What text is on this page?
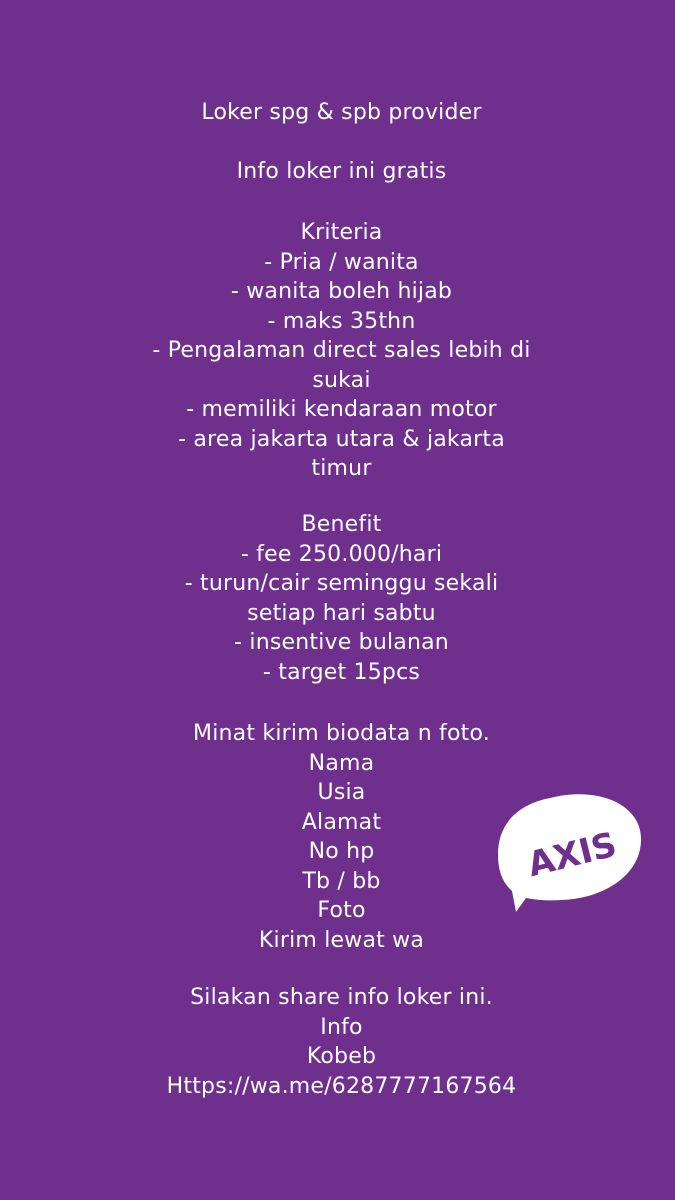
Loker spg & spb provider
Info loker ini gratis
Kriteria
- Pria / wanita
- wanita boleh hijab
- maks 35thn
- Pengalaman direct sales lebih di
sukai
- memiliki kendaraan motor
- area jakarta utara & jakarta
timur
Benefit
- fee 250.000/hari
- turun/cair seminggu sekali
setiap hari sabtu
- insentive bulanan
- target 15pcs
Minat kirim biodata n foto.
Nama
Usia
Alamat
No hp
Tb / bb
Foto
Kirim lewat wa
Silakan share info loker ini.
Info
Kobeb
Https://wa.me/6287777167564
AXIS
